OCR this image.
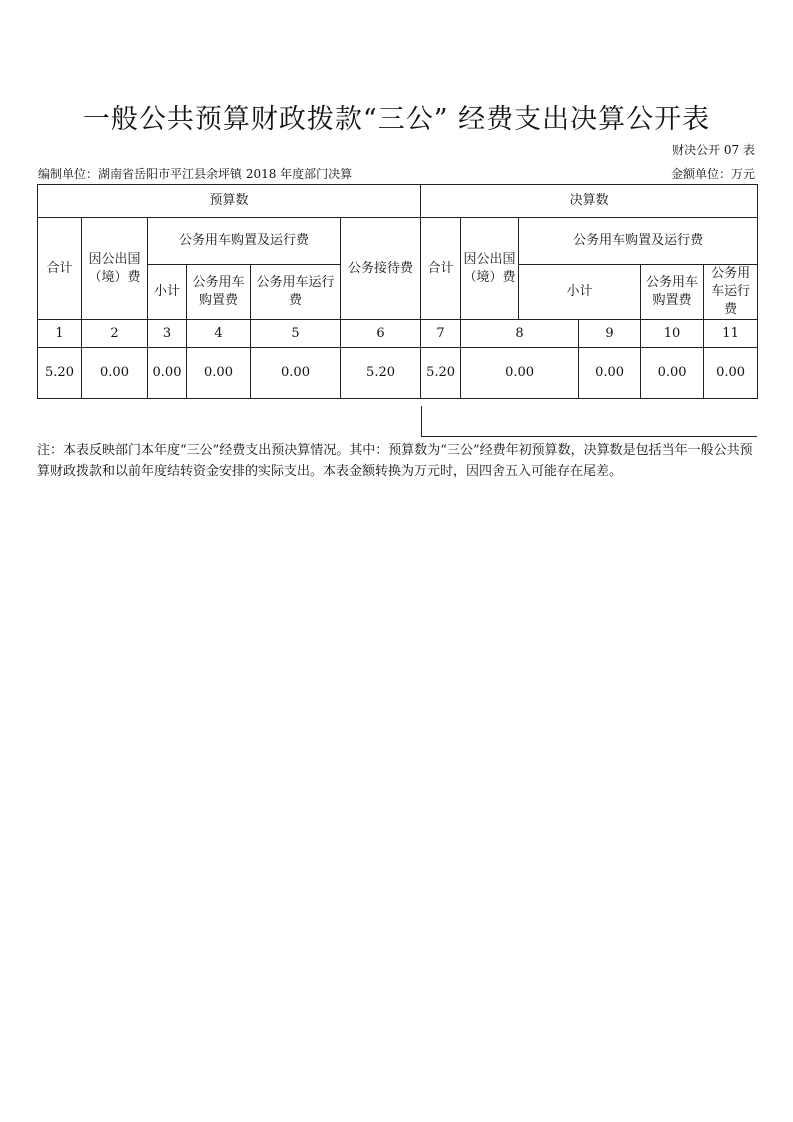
一般公共预算财政拨款“三公” 经费支出决算公开表
财决公开 07 表
编制单位：湖南省岳阳市平江县余坪镇 2018 年度部门决算	金额单位：万元
预算数						决算数						
合计	因公出国（境）费	公务用车购置及运行费			公务接待费	合计	因公出国（境）费	公务用车购置及运行费	
		小计	公务用车购置费	公务用车运行费				小计		公务用车购置费	公务用车运行费	
1	2	3	4	5	6	7	8		9	10	11	
5.20	0.00	0.00	0.00	0.00	5.20	5.20	0.00		0.00	0.00	0.00	
注：本表反映部门本年度“三公”经费支出预决算情况。其中：预算数为“三公”经费年初预算数，决算数是包括当年一般公共预算财政拨款和以前年度结转资金安排的实际支出。本表金额转换为万元时，因四舍五入可能存在尾差。
